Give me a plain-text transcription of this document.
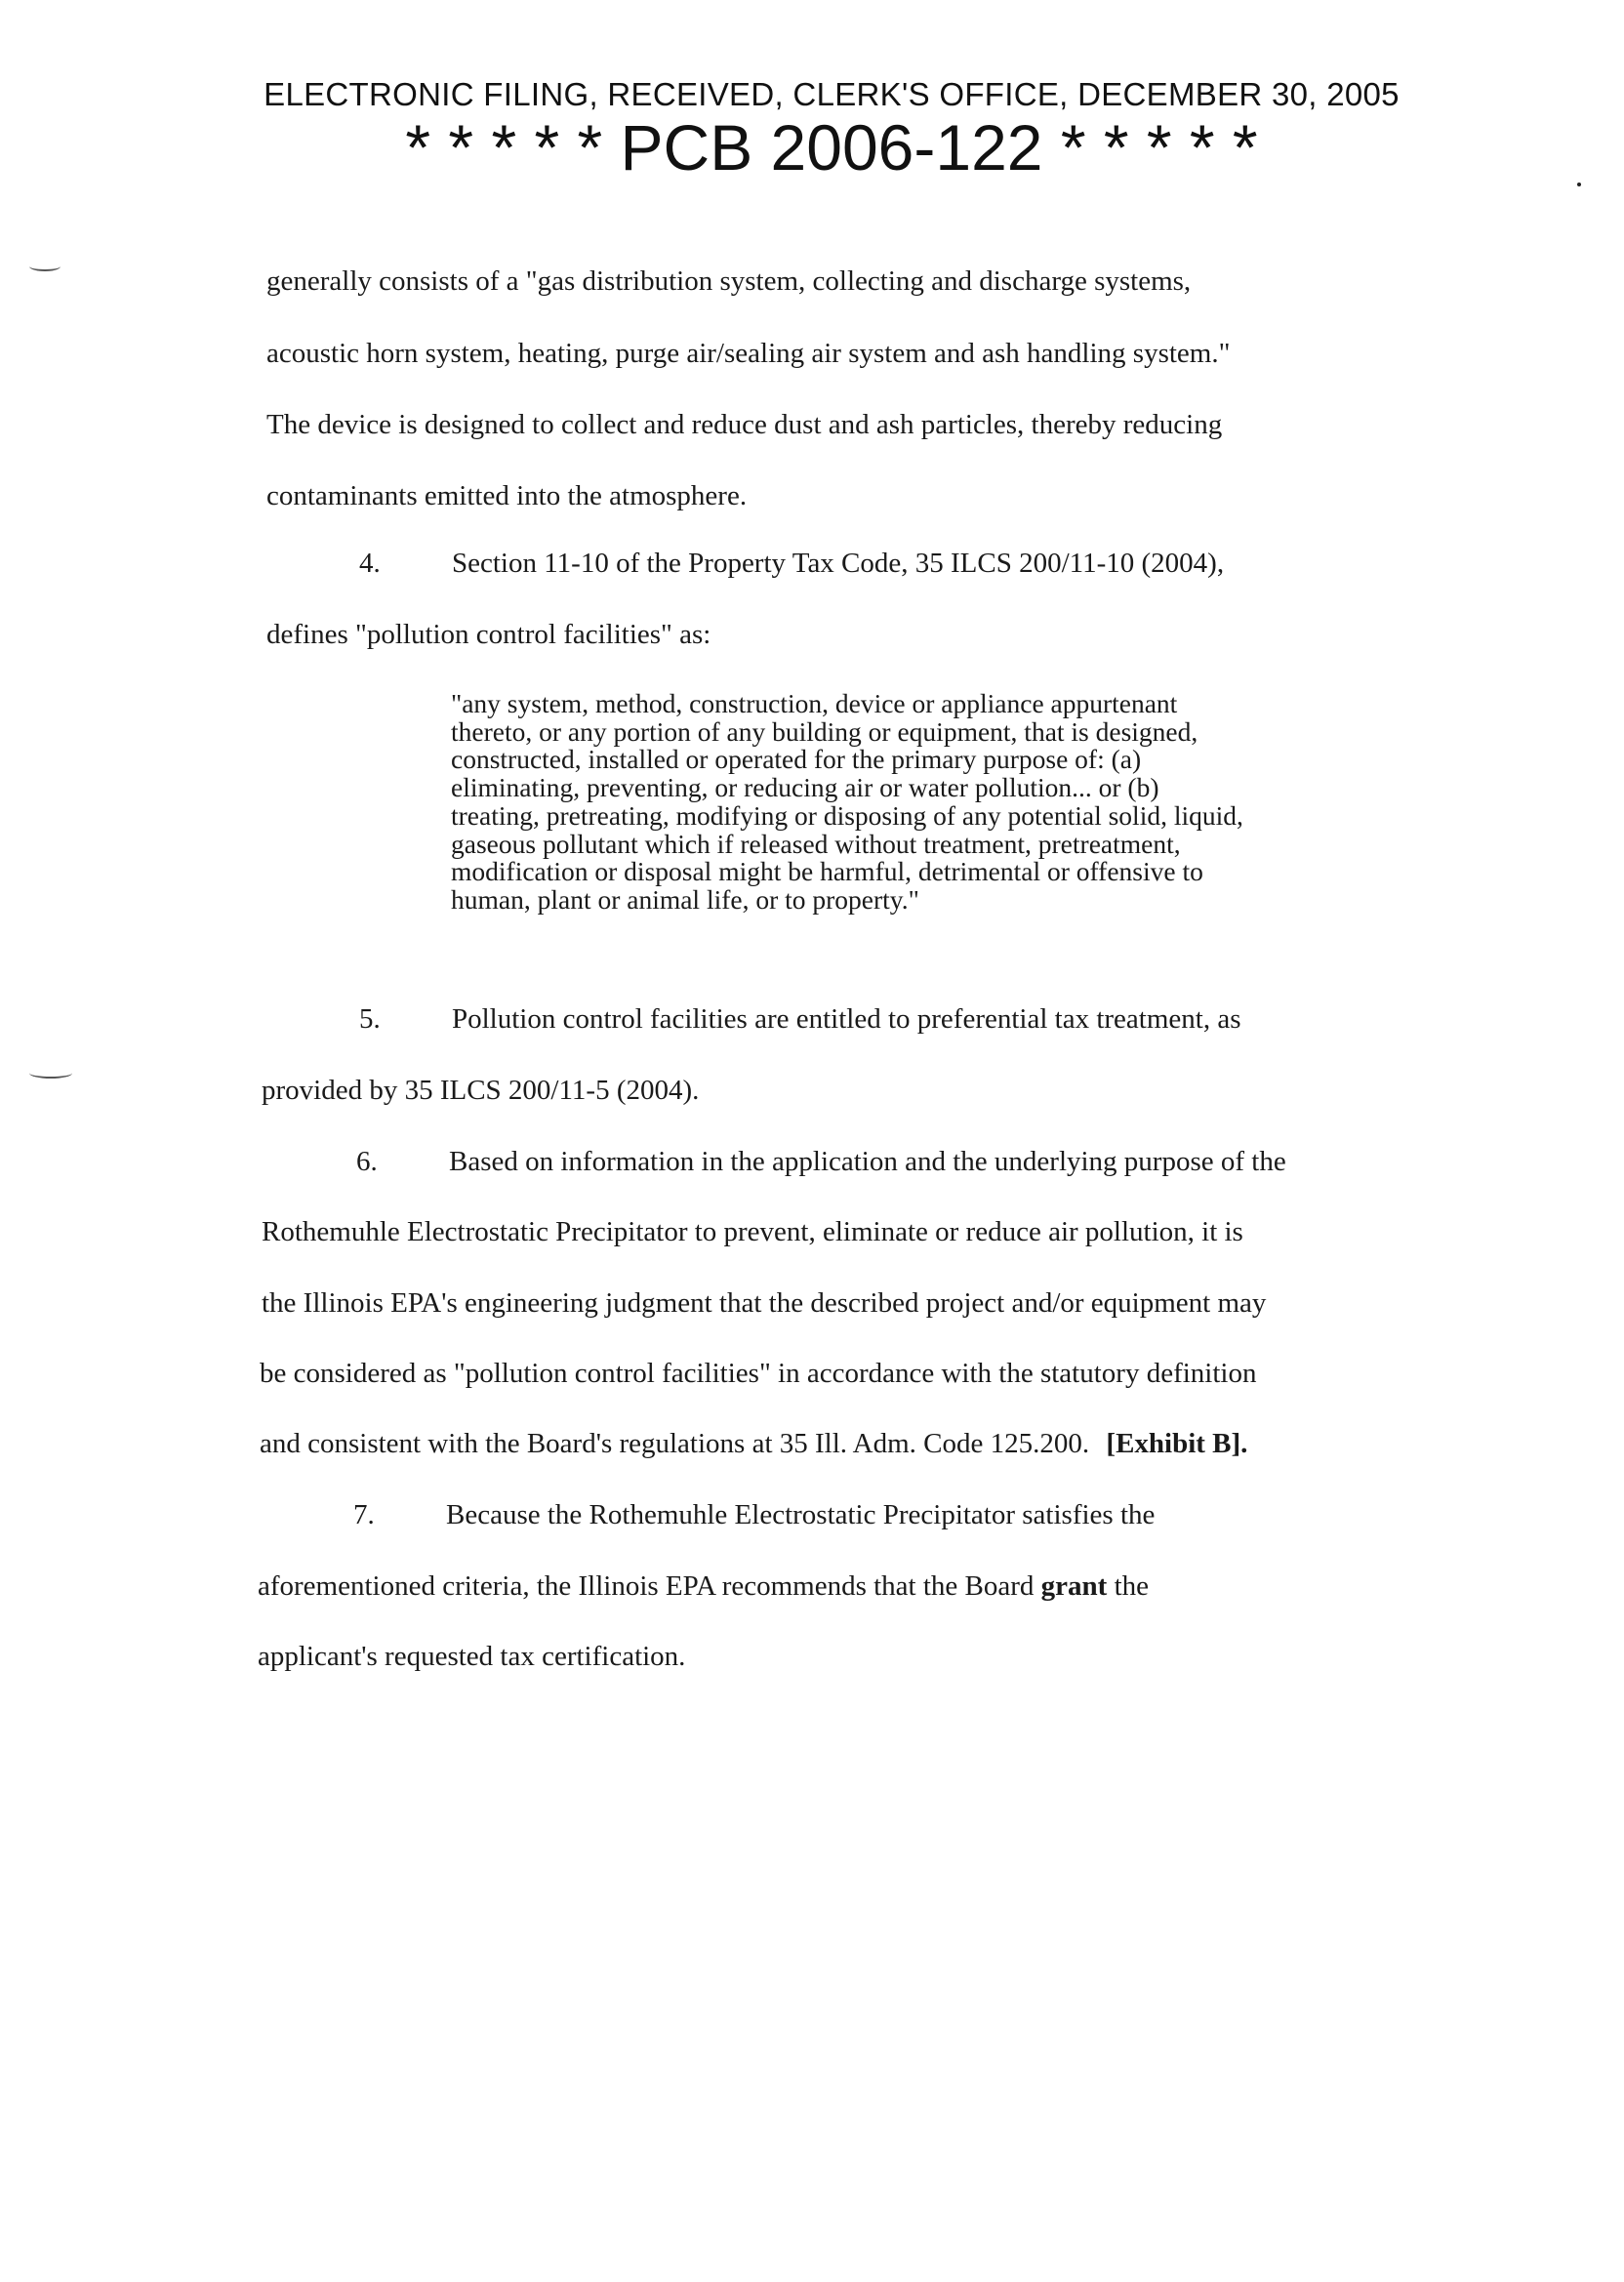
ELECTRONIC FILING, RECEIVED, CLERK'S OFFICE, DECEMBER 30, 2005
* * * * * PCB 2006-122 * * * * *
generally consists of a "gas distribution system, collecting and discharge systems,
acoustic horn system, heating, purge air/sealing air system and ash handling system."
The device is designed to collect and reduce dust and ash particles, thereby reducing
contaminants emitted into the atmosphere.
4.	Section 11-10 of the Property Tax Code, 35 ILCS 200/11-10 (2004),
defines "pollution control facilities" as:
"any system, method, construction, device or appliance appurtenant
thereto, or any portion of any building or equipment, that is designed,
constructed, installed or operated for the primary purpose of: (a)
eliminating, preventing, or reducing air or water pollution... or (b)
treating, pretreating, modifying or disposing of any potential solid, liquid,
gaseous pollutant which if released without treatment, pretreatment,
modification or disposal might be harmful, detrimental or offensive to
human, plant or animal life, or to property."
5.	Pollution control facilities are entitled to preferential tax treatment, as
provided by 35 ILCS 200/11-5 (2004).
6.	Based on information in the application and the underlying purpose of the
Rothemuhle Electrostatic Precipitator to prevent, eliminate or reduce air pollution, it is
the Illinois EPA's engineering judgment that the described project and/or equipment may
be considered as "pollution control facilities" in accordance with the statutory definition
and consistent with the Board's regulations at 35 Ill. Adm. Code 125.200. [Exhibit B].
7.	Because the Rothemuhle Electrostatic Precipitator satisfies the
aforementioned criteria, the Illinois EPA recommends that the Board grant the
applicant's requested tax certification.
